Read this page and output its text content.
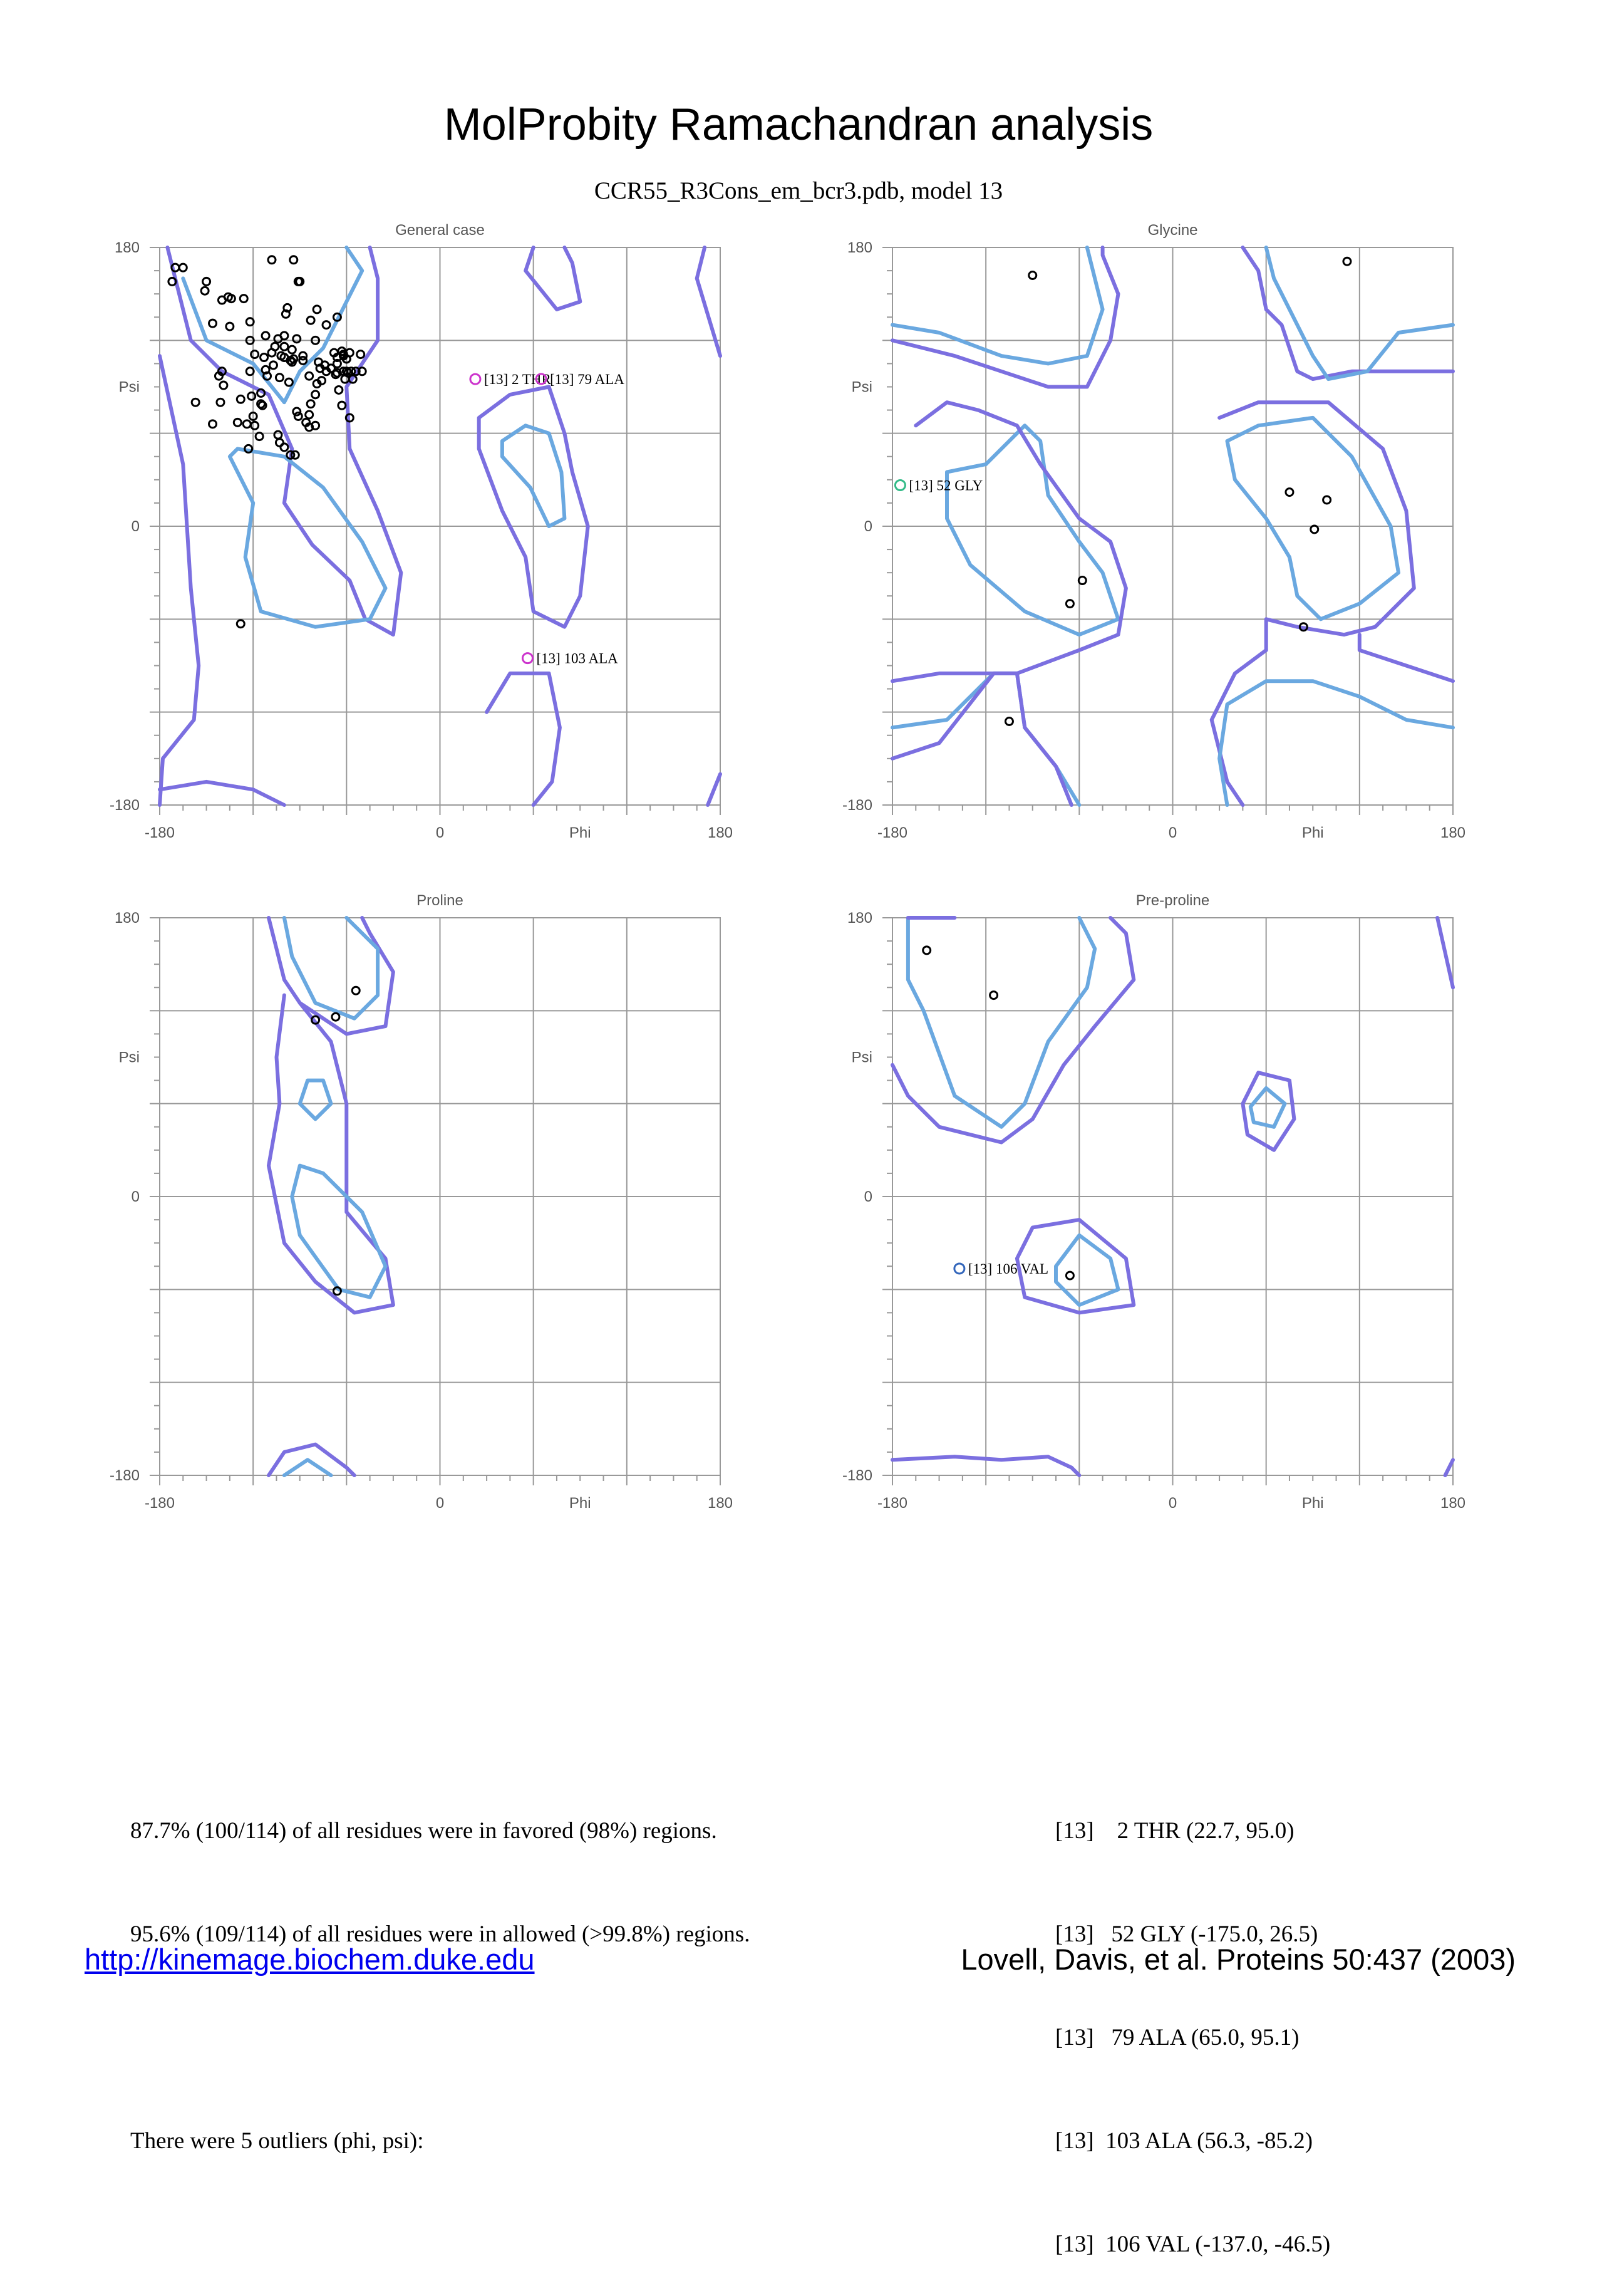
MolProbity Ramachandran analysis
CCR55_R3Cons_em_bcr3.pdb, model 13
General case
-180	0	180
180
0
-180
Phi
Psi	[13] 2 THR
[13] 79 ALA
[13] 103 ALA
Glycine
-180	0	180
180
0
-180
Phi
Psi
[13] 52 GLY
Proline
-180	0	180
180
0
-180
Phi
Psi
Pre-proline
-180	0	180
180
0
-180
Phi
Psi
[13] 106 VAL

87.7% (100/114) of all residues were in favored (98%) regions.

95.6% (109/114) of all residues were in allowed (>99.8%) regions.

There were 5 outliers (phi, psi):

[13]    2 THR (22.7, 95.0)

[13]   52 GLY (-175.0, 26.5)

[13]   79 ALA (65.0, 95.1)

[13]  103 ALA (56.3, -85.2)

[13]  106 VAL (-137.0, -46.5)

http://kinemage.biochem.duke.edu	Lovell, Davis, et al. Proteins 50:437 (2003)
